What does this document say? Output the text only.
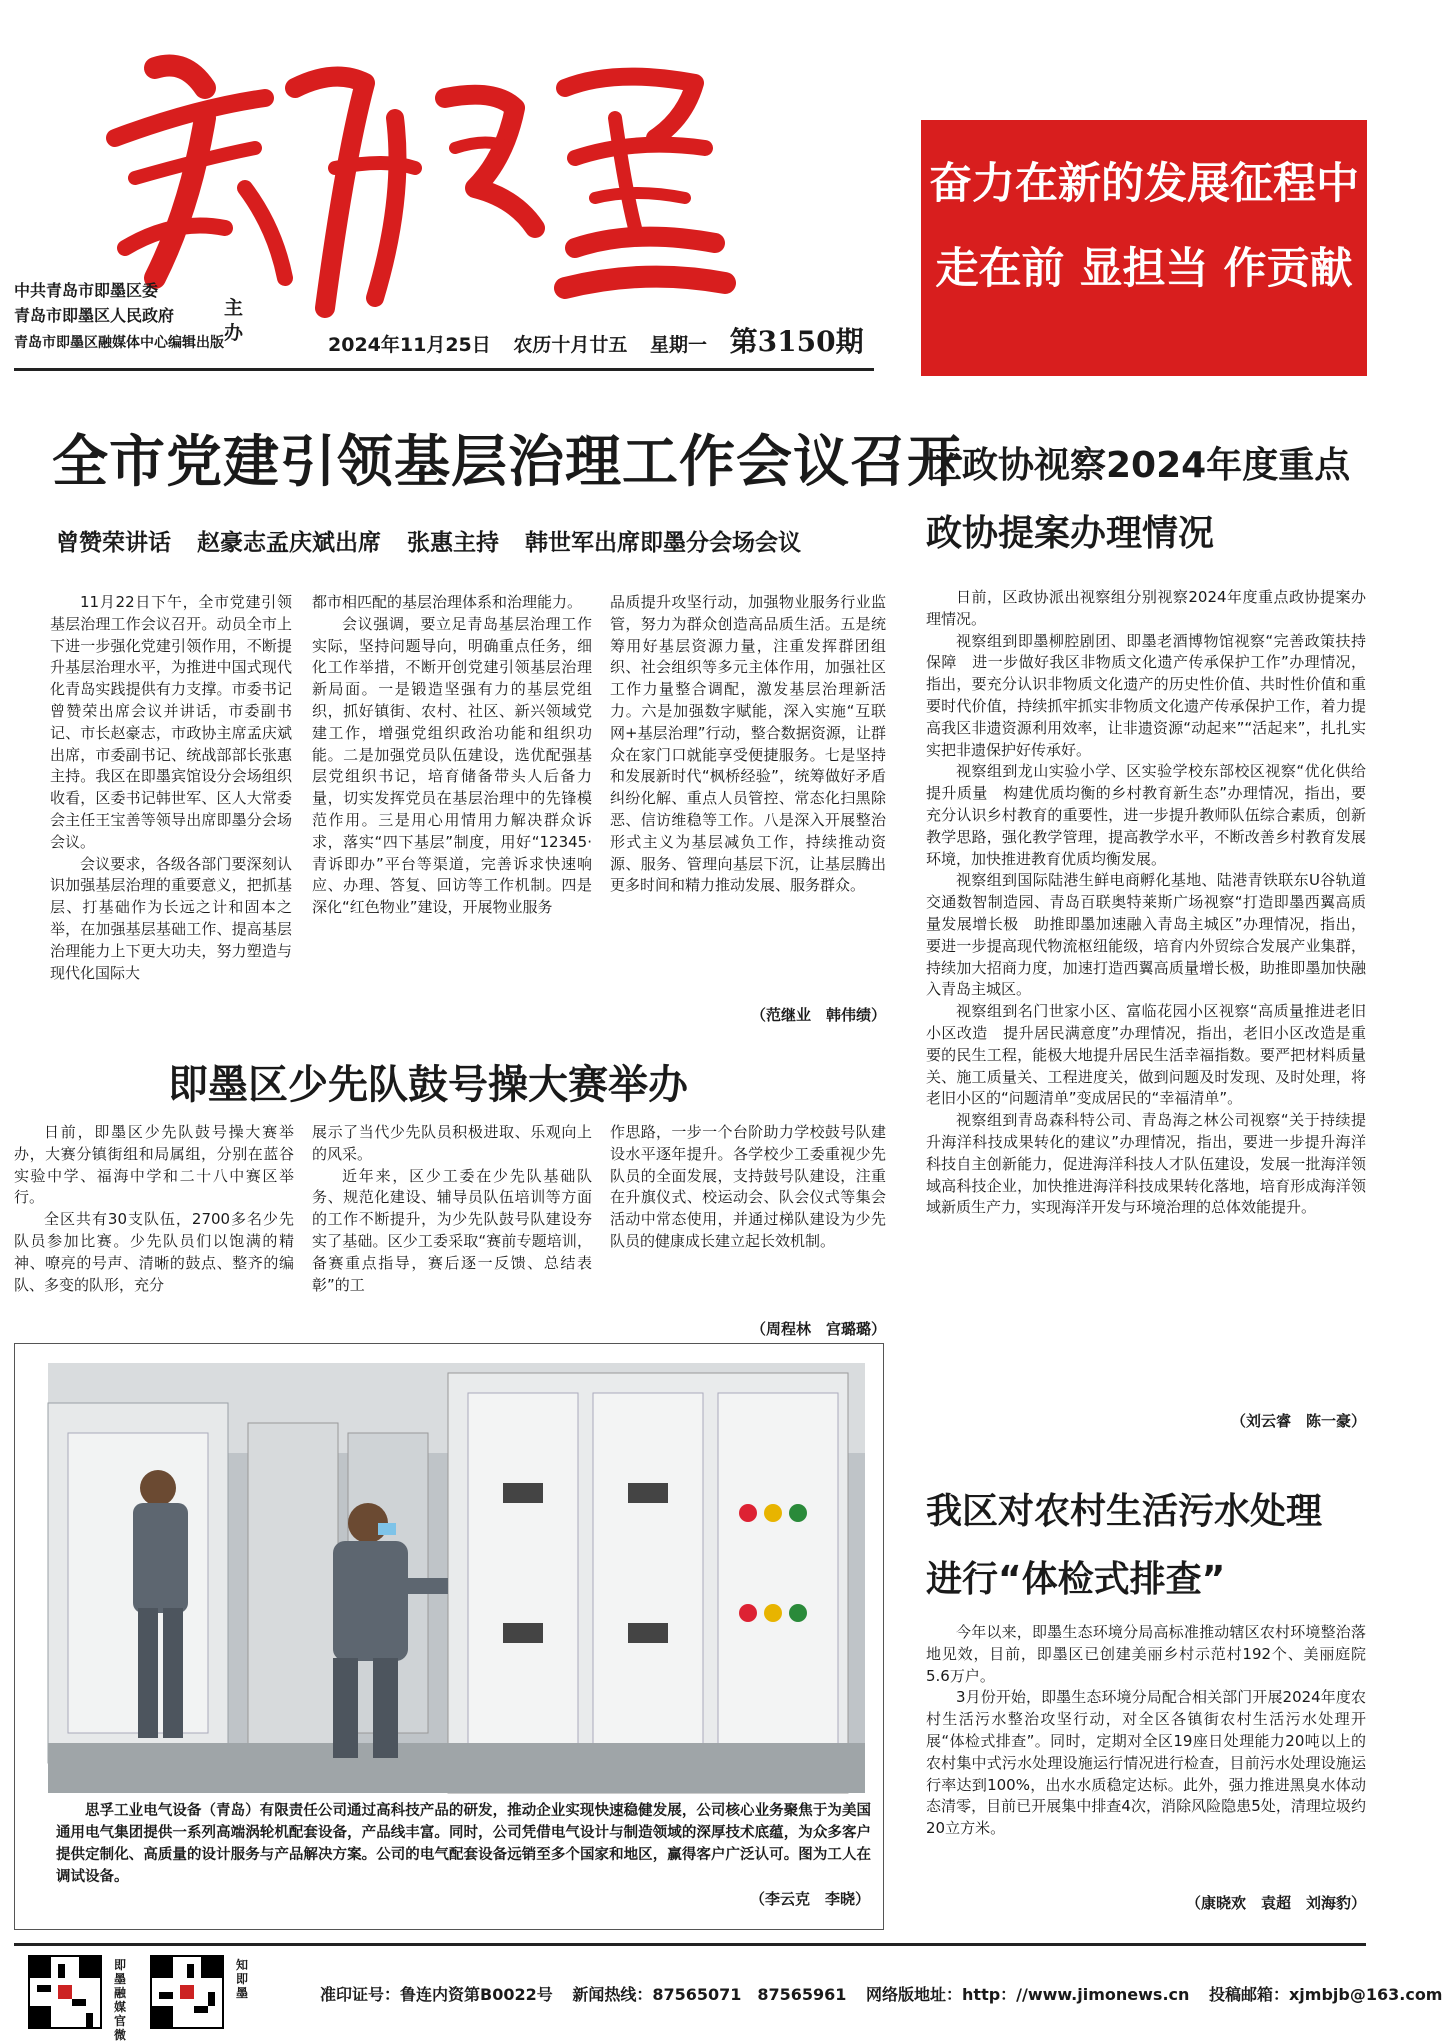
中共青岛市即墨区委
青岛市即墨区人民政府	主办
青岛市即墨区融媒体中心编辑出版	2024年11月25日 农历十月廿五 星期一 第3150期
奋力在新的发展征程中
走在前 显担当 作贡献
全市党建引领基层治理工作会议召开
曾赞荣讲话 赵豪志孟庆斌出席 张惠主持 韩世军出席即墨分会场会议

11月22日下午，全市党建引领基层治理工作会议召开。动员全市上下进一步强化党建引领作用，不断提升基层治理水平，为推进中国式现代化青岛实践提供有力支撑。市委书记曾赞荣出席会议并讲话，市委副书记、市长赵豪志，市政协主席孟庆斌出席，市委副书记、统战部部长张惠主持。我区在即墨宾馆设分会场组织收看，区委书记韩世军、区人大常委会主任王宝善等领导出席即墨分会场会议。

会议要求，各级各部门要深刻认识加强基层治理的重要意义，把抓基层、打基础作为长远之计和固本之举，在加强基层基础工作、提高基层治理能力上下更大功夫，努力塑造与现代化国际大

都市相匹配的基层治理体系和治理能力。

会议强调，要立足青岛基层治理工作实际，坚持问题导向，明确重点任务，细化工作举措，不断开创党建引领基层治理新局面。一是锻造坚强有力的基层党组织，抓好镇街、农村、社区、新兴领域党建工作，增强党组织政治功能和组织功能。二是加强党员队伍建设，选优配强基层党组织书记，培育储备带头人后备力量，切实发挥党员在基层治理中的先锋模范作用。三是用心用情用力解决群众诉求，落实“四下基层”制度，用好“12345·青诉即办”平台等渠道，完善诉求快速响应、办理、答复、回访等工作机制。四是深化“红色物业”建设，开展物业服务

品质提升攻坚行动，加强物业服务行业监管，努力为群众创造高品质生活。五是统筹用好基层资源力量，注重发挥群团组织、社会组织等多元主体作用，加强社区工作力量整合调配，激发基层治理新活力。六是加强数字赋能，深入实施“互联网+基层治理”行动，整合数据资源，让群众在家门口就能享受便捷服务。七是坚持和发展新时代“枫桥经验”，统筹做好矛盾纠纷化解、重点人员管控、常态化扫黑除恶、信访维稳等工作。八是深入开展整治形式主义为基层减负工作，持续推动资源、服务、管理向基层下沉，让基层腾出更多时间和精力推动发展、服务群众。

（范继业　韩伟绩）
即墨区少先队鼓号操大赛举办

日前，即墨区少先队鼓号操大赛举办，大赛分镇街组和局属组，分别在蓝谷实验中学、福海中学和二十八中赛区举行。

全区共有30支队伍，2700多名少先队员参加比赛。少先队员们以饱满的精神、嘹亮的号声、清晰的鼓点、整齐的编队、多变的队形，充分

展示了当代少先队员积极进取、乐观向上的风采。

近年来，区少工委在少先队基础队务、规范化建设、辅导员队伍培训等方面的工作不断提升，为少先队鼓号队建设夯实了基础。区少工委采取“赛前专题培训，备赛重点指导，赛后逐一反馈、总结表彰”的工

作思路，一步一个台阶助力学校鼓号队建设水平逐年提升。各学校少工委重视少先队员的全面发展，支持鼓号队建设，注重在升旗仪式、校运动会、队会仪式等集会活动中常态使用，并通过梯队建设为少先队员的健康成长建立起长效机制。

（周程林　宫璐璐）
思孚工业电气设备（青岛）有限责任公司通过高科技产品的研发，推动企业实现快速稳健发展，公司核心业务聚焦于为美国通用电气集团提供一系列高端涡轮机配套设备，产品线丰富。同时，公司凭借电气设计与制造领域的深厚技术底蕴，为众多客户提供定制化、高质量的设计服务与产品解决方案。公司的电气配套设备远销至多个国家和地区，赢得客户广泛认可。图为工人在调试设备。
（李云克　李晓）
区政协视察2024年度重点
政协提案办理情况

日前，区政协派出视察组分别视察2024年度重点政协提案办理情况。

视察组到即墨柳腔剧团、即墨老酒博物馆视察“完善政策扶持保障　进一步做好我区非物质文化遗产传承保护工作”办理情况，指出，要充分认识非物质文化遗产的历史性价值、共时性价值和重要时代价值，持续抓牢抓实非物质文化遗产传承保护工作，着力提高我区非遗资源利用效率，让非遗资源“动起来”“活起来”，扎扎实实把非遗保护好传承好。

视察组到龙山实验小学、区实验学校东部校区视察“优化供给提升质量　构建优质均衡的乡村教育新生态”办理情况，指出，要充分认识乡村教育的重要性，进一步提升教师队伍综合素质，创新教学思路，强化教学管理，提高教学水平，不断改善乡村教育发展环境，加快推进教育优质均衡发展。

视察组到国际陆港生鲜电商孵化基地、陆港青铁联东U谷轨道交通数智制造园、青岛百联奥特莱斯广场视察“打造即墨西翼高质量发展增长极　助推即墨加速融入青岛主城区”办理情况，指出，要进一步提高现代物流枢纽能级，培育内外贸综合发展产业集群，持续加大招商力度，加速打造西翼高质量增长极，助推即墨加快融入青岛主城区。

视察组到名门世家小区、富临花园小区视察“高质量推进老旧小区改造　提升居民满意度”办理情况，指出，老旧小区改造是重要的民生工程，能极大地提升居民生活幸福指数。要严把材料质量关、施工质量关、工程进度关，做到问题及时发现、及时处理，将老旧小区的“问题清单”变成居民的“幸福清单”。

视察组到青岛森科特公司、青岛海之林公司视察“关于持续提升海洋科技成果转化的建议”办理情况，指出，要进一步提升海洋科技自主创新能力，促进海洋科技人才队伍建设，发展一批海洋领域高科技企业，加快推进海洋科技成果转化落地，培育形成海洋领域新质生产力，实现海洋开发与环境治理的总体效能提升。

（刘云睿　陈一豪）
我区对农村生活污水处理
进行“体检式排查”

今年以来，即墨生态环境分局高标准推动辖区农村环境整治落地见效，目前，即墨区已创建美丽乡村示范村192个、美丽庭院5.6万户。

3月份开始，即墨生态环境分局配合相关部门开展2024年度农村生活污水整治攻坚行动，对全区各镇街农村生活污水处理开展“体检式排查”。同时，定期对全区19座日处理能力20吨以上的农村集中式污水处理设施运行情况进行检查，目前污水处理设施运行率达到100%，出水水质稳定达标。此外，强力推进黑臭水体动态清零，目前已开展集中排查4次，消除风险隐患5处，清理垃圾约20立方米。

（康晓欢　袁超　刘海豹）
即墨融媒官微
知即墨	准印证号：鲁连内资第B0022号 新闻热线：87565071　87565961 网络版地址：http：//www.jimonews.cn 投稿邮箱：xjmbjb@163.com
